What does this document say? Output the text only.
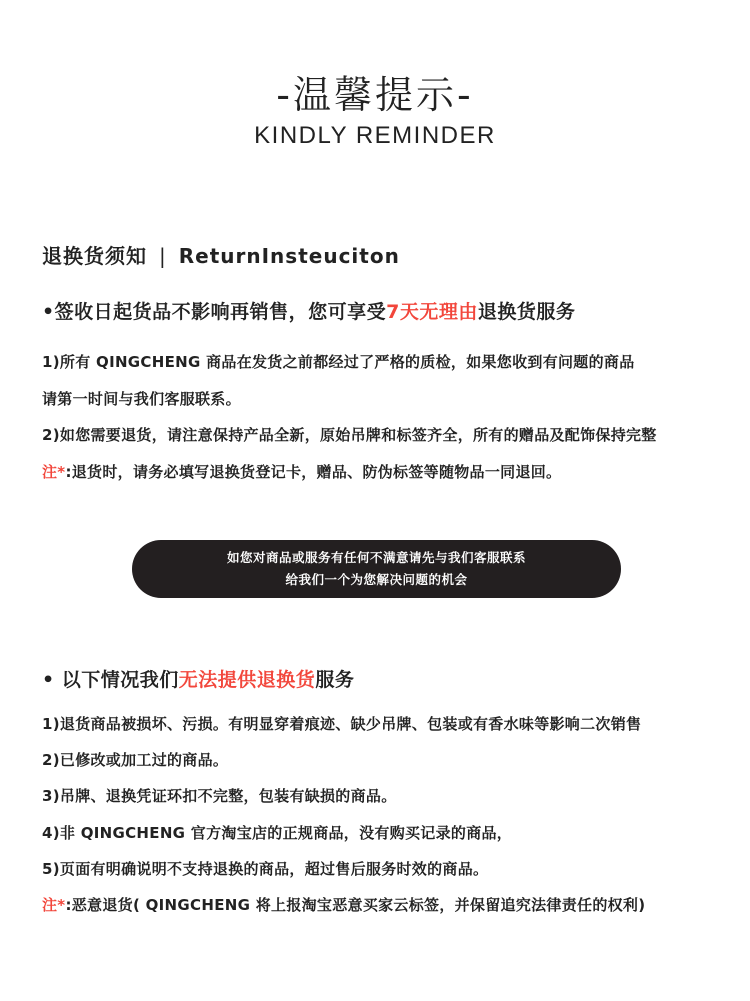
-温馨提示-
KINDLY REMINDER
退换货须知 | ReturnInsteuciton
•签收日起货品不影响再销售，您可享受7天无理由退换货服务
1)所有 QINGCHENG 商品在发货之前都经过了严格的质检，如果您收到有问题的商品
请第一时间与我们客服联系。
2)如您需要退货，请注意保持产品全新，原始吊牌和标签齐全，所有的赠品及配饰保持完整
注*:退货时，请务必填写退换货登记卡，赠品、防伪标签等随物品一同退回。
如您对商品或服务有任何不满意请先与我们客服联系
给我们一个为您解决问题的机会
• 以下情况我们无法提供退换货服务
1)退货商品被损坏、污损。有明显穿着痕迹、缺少吊牌、包装或有香水味等影响二次销售
2)已修改或加工过的商品。
3)吊牌、退换凭证环扣不完整，包装有缺损的商品。
4)非 QINGCHENG 官方淘宝店的正规商品，没有购买记录的商品，
5)页面有明确说明不支持退换的商品，超过售后服务时效的商品。
注*:恶意退货( QINGCHENG 将上报淘宝恶意买家云标签，并保留追究法律责任的权利)
